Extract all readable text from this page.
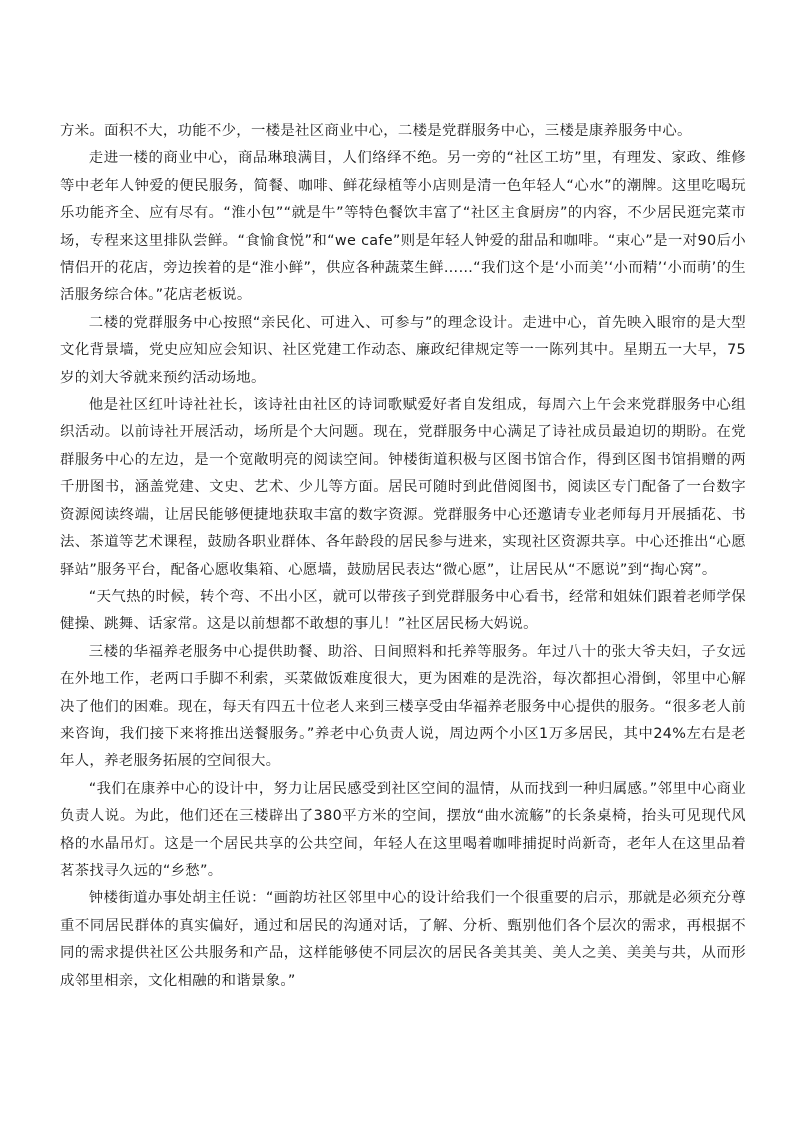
方米。面积不大，功能不少，一楼是社区商业中心，二楼是党群服务中心，三楼是康养服务中心。

走进一楼的商业中心，商品琳琅满目，人们络绎不绝。另一旁的“社区工坊”里，有理发、家政、维修等中老年人钟爱的便民服务，简餐、咖啡、鲜花绿植等小店则是清一色年轻人“心水”的潮牌。这里吃喝玩乐功能齐全、应有尽有。“淮小包”“就是牛”等特色餐饮丰富了“社区主食厨房”的内容，不少居民逛完菜市场，专程来这里排队尝鲜。“食愉食悦”和“we cafe”则是年轻人钟爱的甜品和咖啡。“束心”是一对90后小情侣开的花店，旁边挨着的是“淮小鲜”，供应各种蔬菜生鲜……“我们这个是‘小而美’‘小而精’‘小而萌’的生活服务综合体。”花店老板说。

二楼的党群服务中心按照“亲民化、可进入、可参与”的理念设计。走进中心，首先映入眼帘的是大型文化背景墙，党史应知应会知识、社区党建工作动态、廉政纪律规定等一一陈列其中。星期五一大早，75岁的刘大爷就来预约活动场地。

他是社区红叶诗社社长，该诗社由社区的诗词歌赋爱好者自发组成，每周六上午会来党群服务中心组织活动。以前诗社开展活动，场所是个大问题。现在，党群服务中心满足了诗社成员最迫切的期盼。在党群服务中心的左边，是一个宽敞明亮的阅读空间。钟楼街道积极与区图书馆合作，得到区图书馆捐赠的两千册图书，涵盖党建、文史、艺术、少儿等方面。居民可随时到此借阅图书，阅读区专门配备了一台数字资源阅读终端，让居民能够便捷地获取丰富的数字资源。党群服务中心还邀请专业老师每月开展插花、书法、茶道等艺术课程，鼓励各职业群体、各年龄段的居民参与进来，实现社区资源共享。中心还推出“心愿驿站”服务平台，配备心愿收集箱、心愿墙，鼓励居民表达“微心愿”，让居民从“不愿说”到“掏心窝”。

“天气热的时候，转个弯、不出小区，就可以带孩子到党群服务中心看书，经常和姐妹们跟着老师学保健操、跳舞、话家常。这是以前想都不敢想的事儿！”社区居民杨大妈说。

三楼的华福养老服务中心提供助餐、助浴、日间照料和托养等服务。年过八十的张大爷夫妇，子女远在外地工作，老两口手脚不利索，买菜做饭难度很大，更为困难的是洗浴，每次都担心滑倒，邻里中心解决了他们的困难。现在，每天有四五十位老人来到三楼享受由华福养老服务中心提供的服务。“很多老人前来咨询，我们接下来将推出送餐服务。”养老中心负责人说，周边两个小区1万多居民，其中24%左右是老年人，养老服务拓展的空间很大。

“我们在康养中心的设计中，努力让居民感受到社区空间的温情，从而找到一种归属感。”邻里中心商业负责人说。为此，他们还在三楼辟出了380平方米的空间，摆放“曲水流觞”的长条桌椅，抬头可见现代风格的水晶吊灯。这是一个居民共享的公共空间，年轻人在这里喝着咖啡捕捉时尚新奇，老年人在这里品着茗茶找寻久远的“乡愁”。

钟楼街道办事处胡主任说：“画韵坊社区邻里中心的设计给我们一个很重要的启示，那就是必须充分尊重不同居民群体的真实偏好，通过和居民的沟通对话，了解、分析、甄别他们各个层次的需求，再根据不同的需求提供社区公共服务和产品，这样能够使不同层次的居民各美其美、美人之美、美美与共，从而形成邻里相亲，文化相融的和谐景象。”
